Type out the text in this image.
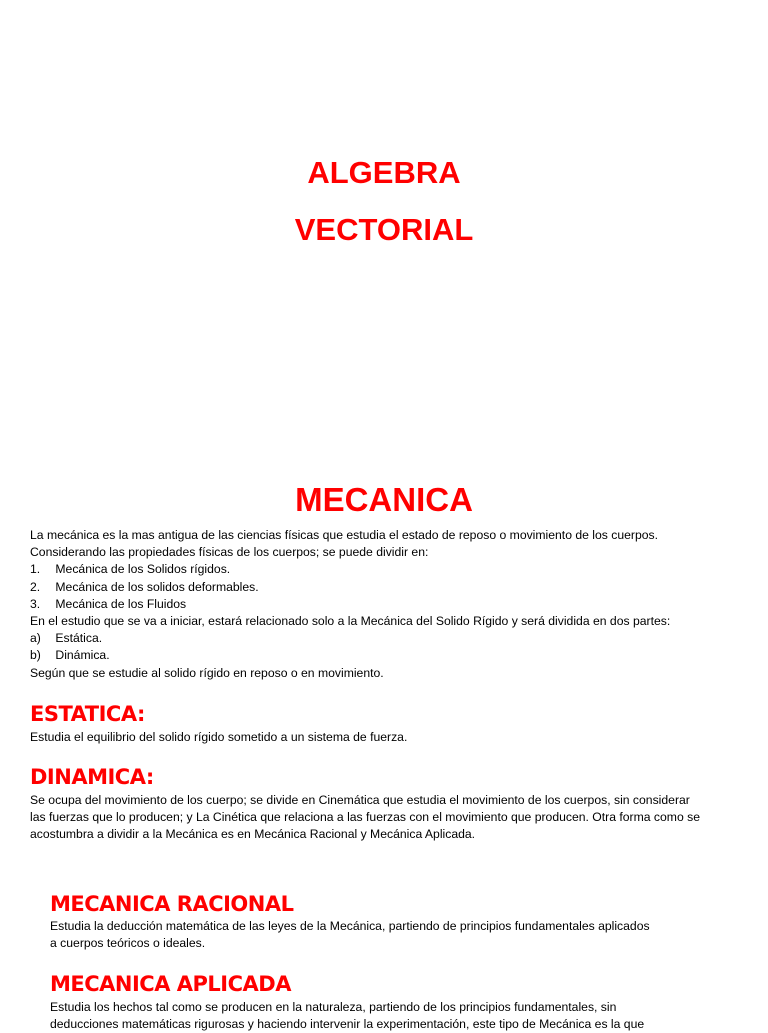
ALGEBRA
VECTORIAL
MECANICA
La mecánica es la mas antigua de las ciencias físicas que estudia el estado de reposo o movimiento de los cuerpos.
Considerando las propiedades físicas de los cuerpos; se puede dividir en:
1. Mecánica de los Solidos rígidos.
2. Mecánica de los solidos deformables.
3. Mecánica de los Fluidos
En el estudio que se va a iniciar, estará relacionado solo a la Mecánica del Solido Rígido y será dividida en dos partes:
a) Estática.
b) Dinámica.
Según que se estudie al solido rígido en reposo o en movimiento.
ESTATICA:
Estudia el equilibrio del solido rígido sometido a un sistema de fuerza.
DINAMICA:
Se ocupa del movimiento de los cuerpo; se divide en Cinemática que estudia el movimiento de los cuerpos, sin considerar
las fuerzas que lo producen; y La Cinética que relaciona a las fuerzas con el movimiento que producen. Otra forma como se
acostumbra a dividir a la Mecánica es en Mecánica Racional y Mecánica Aplicada.
MECANICA RACIONAL
Estudia la deducción matemática de las leyes de la Mecánica, partiendo de principios fundamentales aplicados
a cuerpos teóricos o ideales.
MECANICA APLICADA
Estudia los hechos tal como se producen en la naturaleza, partiendo de los principios fundamentales, sin
deducciones matemáticas rigurosas y haciendo intervenir la experimentación, este tipo de Mecánica es la que
